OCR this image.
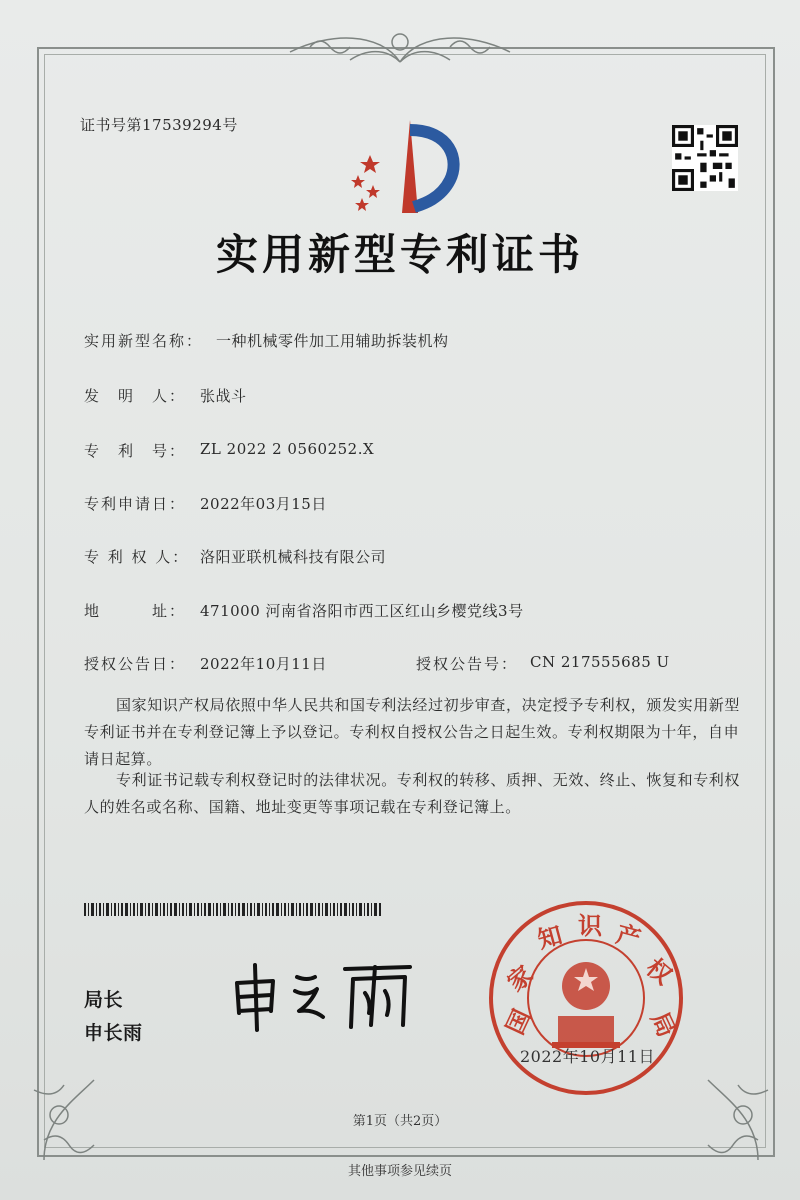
证书号第17539294号
实用新型专利证书
实用新型名称： 一种机械零件加工用辅助拆装机构
发　明　人： 张战斗
专　利　号： ZL 2022 2 0560252.X
专利申请日： 2022年03月15日
专 利 权 人： 洛阳亚联机械科技有限公司
地　　　址： 471000 河南省洛阳市西工区红山乡樱党线3号
授权公告日： 2022年10月11日	授权公告号： CN 217555685 U
国家知识产权局依照中华人民共和国专利法经过初步审查，决定授予专利权，颁发实用新型专利证书并在专利登记簿上予以登记。专利权自授权公告之日起生效。专利权期限为十年，自申请日起算。
专利证书记载专利权登记时的法律状况。专利权的转移、质押、无效、终止、恢复和专利权人的姓名或名称、国籍、地址变更等事项记载在专利登记簿上。
局长
申长雨	国
家
知 识 产
权
局
2022年10月11日
第1页（共2页）
其他事项参见续页
